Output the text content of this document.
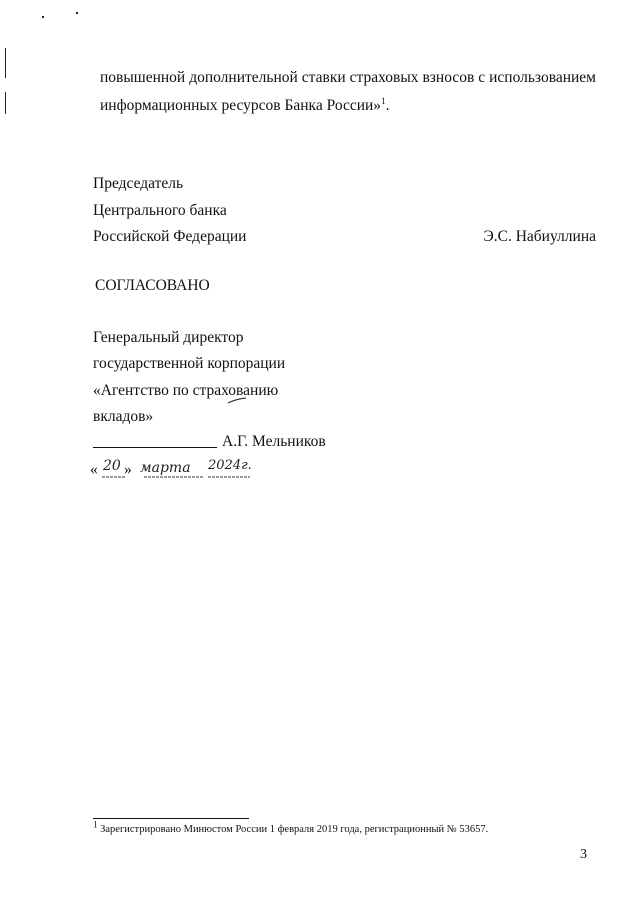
повышенной дополнительной ставки страховых взносов с использованием
информационных ресурсов Банка России»$^1$.
Председатель
Центрального банка
Российской Федерации	Э.С. Набиуллина
СОГЛАСОВАНО
Генеральный директор
государственной корпорации
«Агентство по страхованию
вкладов»
А.Г. Мельников
« 20 » марта 2024г.
1 Зарегистрировано Минюстом России 1 февраля 2019 года, регистрационный № 53657.
3
